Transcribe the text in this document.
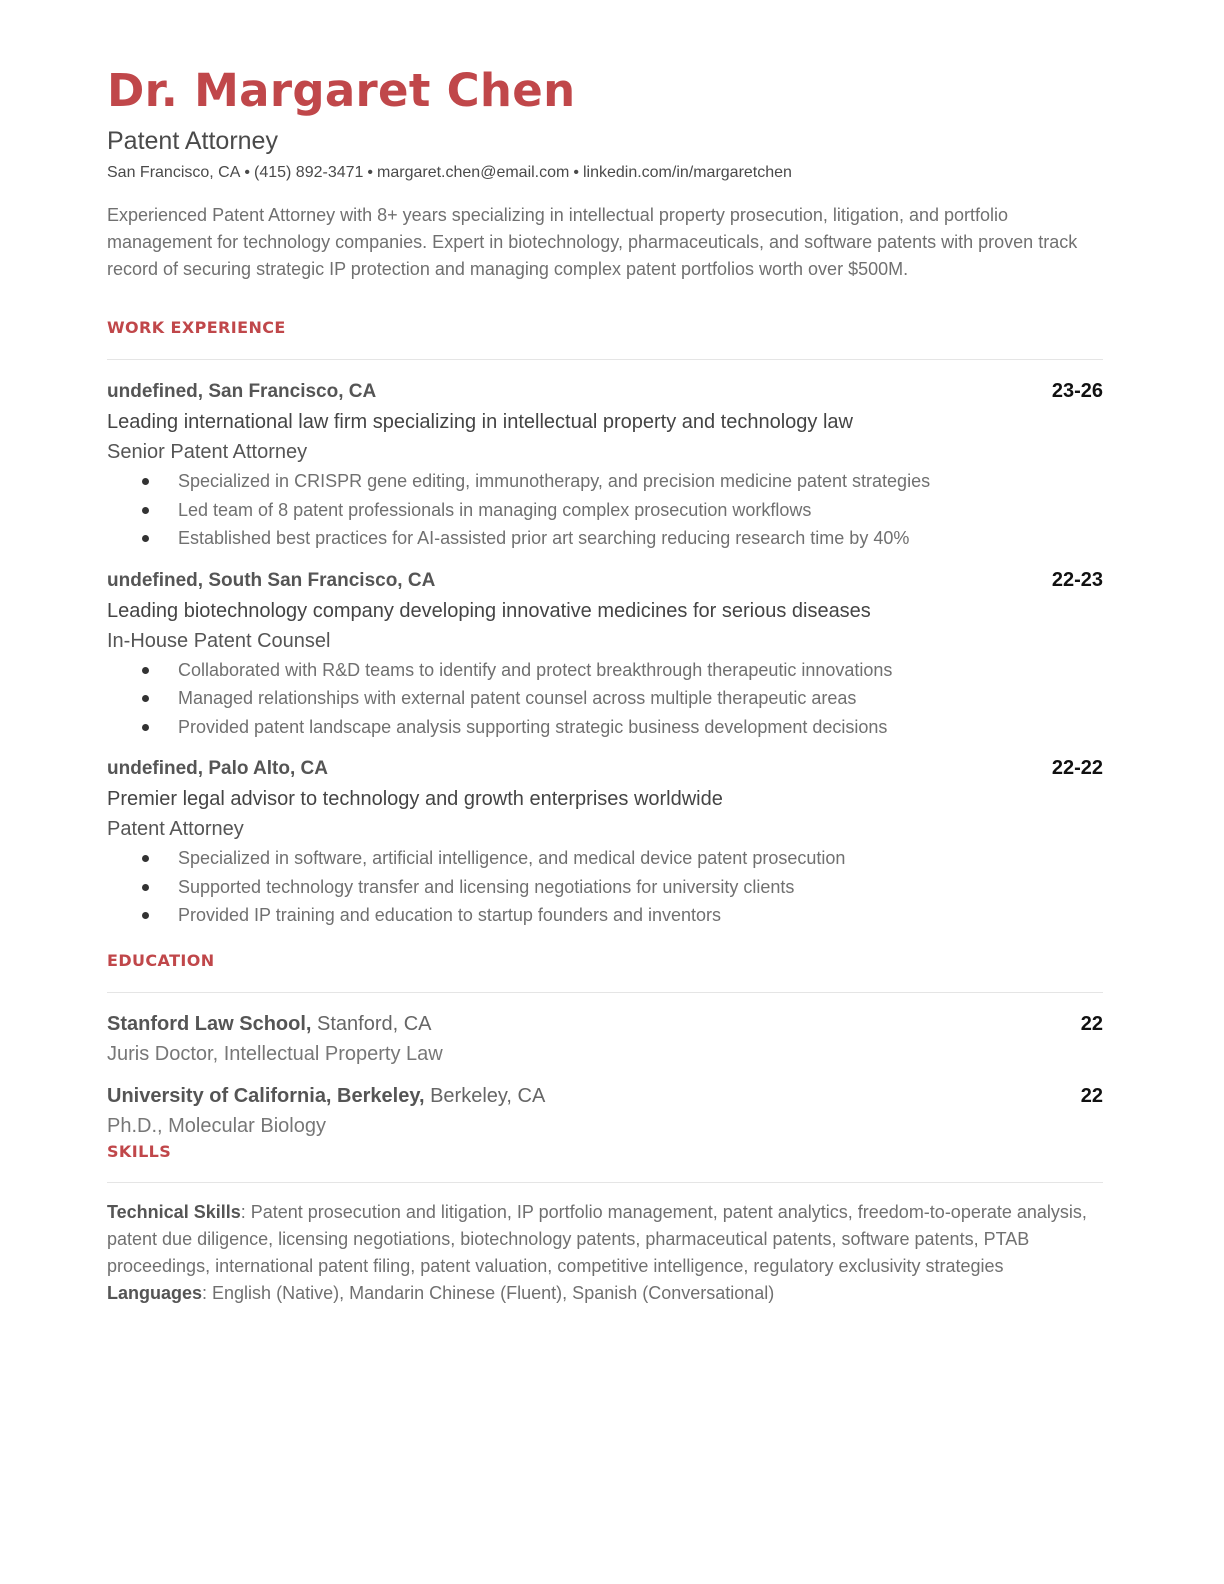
Dr. Margaret Chen
Patent Attorney
San Francisco, CA • (415) 892-3471 • margaret.chen@email.com • linkedin.com/in/margaretchen
Experienced Patent Attorney with 8+ years specializing in intellectual property prosecution, litigation, and portfolio management for technology companies. Expert in biotechnology, pharmaceuticals, and software patents with proven track record of securing strategic IP protection and managing complex patent portfolios worth over $500M.
WORK EXPERIENCE
undefined, San Francisco, CA	23-26
Leading international law firm specializing in intellectual property and technology law
Senior Patent Attorney
Specialized in CRISPR gene editing, immunotherapy, and precision medicine patent strategies
Led team of 8 patent professionals in managing complex prosecution workflows
Established best practices for AI-assisted prior art searching reducing research time by 40%
undefined, South San Francisco, CA	22-23
Leading biotechnology company developing innovative medicines for serious diseases
In-House Patent Counsel
Collaborated with R&D teams to identify and protect breakthrough therapeutic innovations
Managed relationships with external patent counsel across multiple therapeutic areas
Provided patent landscape analysis supporting strategic business development decisions
undefined, Palo Alto, CA	22-22
Premier legal advisor to technology and growth enterprises worldwide
Patent Attorney
Specialized in software, artificial intelligence, and medical device patent prosecution
Supported technology transfer and licensing negotiations for university clients
Provided IP training and education to startup founders and inventors
EDUCATION
Stanford Law School, Stanford, CA	22
Juris Doctor, Intellectual Property Law
University of California, Berkeley, Berkeley, CA	22
Ph.D., Molecular Biology
SKILLS

Technical Skills: Patent prosecution and litigation, IP portfolio management, patent analytics, freedom-to-operate analysis, patent due diligence, licensing negotiations, biotechnology patents, pharmaceutical patents, software patents, PTAB proceedings, international patent filing, patent valuation, competitive intelligence, regulatory exclusivity strategies

Languages: English (Native), Mandarin Chinese (Fluent), Spanish (Conversational)
